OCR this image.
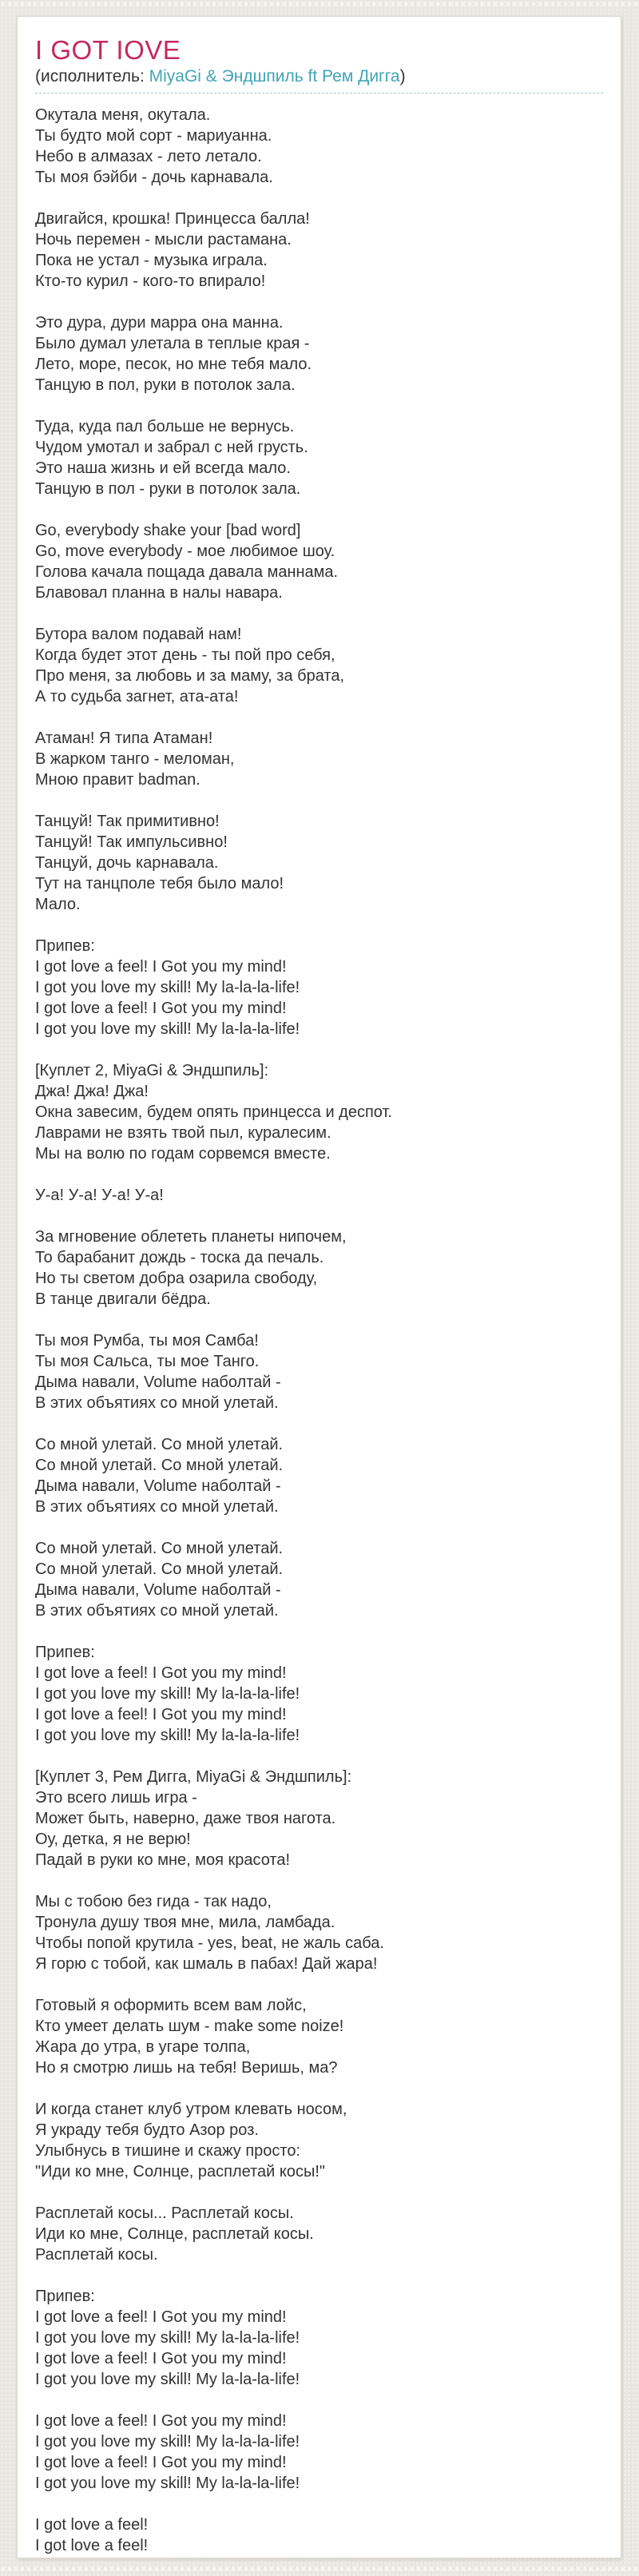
I GOT IOVE
(исполнитель: MiyaGi & Эндшпиль ft Рем Дигга)
Окутала меня, окутала.
Ты будто мой сорт - мариуанна.
Небо в алмазах - лето летало.
Ты моя бэйби - дочь карнавала.
Двигайся, крошка! Принцесса балла!
Ночь перемен - мысли растамана.
Пока не устал - музыка играла.
Кто-то курил - кого-то впирало!
Это дура, дури марра она манна.
Было думал улетала в теплые края -
Лето, море, песок, но мне тебя мало.
Танцую в пол, руки в потолок зала.
Туда, куда пал больше не вернусь.
Чудом умотал и забрал с ней грусть.
Это наша жизнь и ей всегда мало.
Танцую в пол - руки в потолок зала.
Go, everybody shake your [bad word]
Go, move everybody - мое любимое шоу.
Голова качала пощада давала маннама.
Блавовал планна в налы навара.
Бутора валом подавай нам!
Когда будет этот день - ты пой про себя,
Про меня, за любовь и за маму, за брата,
А то судьба загнет, ата-ата!
Атаман! Я типа Атаман!
В жарком танго - меломан,
Мною правит badman.
Танцуй! Так примитивно!
Танцуй! Так импульсивно!
Танцуй, дочь карнавала.
Тут на танцполе тебя было мало!
Мало.
Припев:
I got love a feel! I Got you my mind!
I got you love my skill! My la-la-la-life!
I got love a feel! I Got you my mind!
I got you love my skill! My la-la-la-life!
[Куплет 2, MiyaGi & Эндшпиль]:
Джа! Джа! Джа!
Окна завесим, будем опять принцесса и деспот.
Лаврами не взять твой пыл, куралесим.
Мы на волю по годам сорвемся вместе.
У-а! У-а! У-а! У-а!
За мгновение облететь планеты нипочем,
То барабанит дождь - тоска да печаль.
Но ты светом добра озарила свободу,
В танце двигали бёдра.
Ты моя Румба, ты моя Самба!
Ты моя Сальса, ты мое Танго.
Дыма навали, Volume наболтай -
В этих объятиях со мной улетай.
Со мной улетай. Со мной улетай.
Со мной улетай. Со мной улетай.
Дыма навали, Volume наболтай -
В этих объятиях со мной улетай.
Со мной улетай. Со мной улетай.
Со мной улетай. Со мной улетай.
Дыма навали, Volume наболтай -
В этих объятиях со мной улетай.
Припев:
I got love a feel! I Got you my mind!
I got you love my skill! My la-la-la-life!
I got love a feel! I Got you my mind!
I got you love my skill! My la-la-la-life!
[Куплет 3, Рем Дигга, MiyaGi & Эндшпиль]:
Это всего лишь игра -
Может быть, наверно, даже твоя нагота.
Оу, детка, я не верю!
Падай в руки ко мне, моя красота!
Мы с тобою без гида - так надо,
Тронула душу твоя мне, мила, ламбада.
Чтобы попой крутила - yes, beat, не жаль саба.
Я горю с тобой, как шмаль в пабах! Дай жара!
Готовый я оформить всем вам лойс,
Кто умеет делать шум - make some noize!
Жара до утра, в угаре толпа,
Но я смотрю лишь на тебя! Веришь, ма?
И когда станет клуб утром клевать носом,
Я украду тебя будто Азор роз.
Улыбнусь в тишине и скажу просто:
"Иди ко мне, Солнце, расплетай косы!"
Расплетай косы... Расплетай косы.
Иди ко мне, Солнце, расплетай косы.
Расплетай косы.
Припев:
I got love a feel! I Got you my mind!
I got you love my skill! My la-la-la-life!
I got love a feel! I Got you my mind!
I got you love my skill! My la-la-la-life!
I got love a feel! I Got you my mind!
I got you love my skill! My la-la-la-life!
I got love a feel! I Got you my mind!
I got you love my skill! My la-la-la-life!
I got love a feel!
I got love a feel!
